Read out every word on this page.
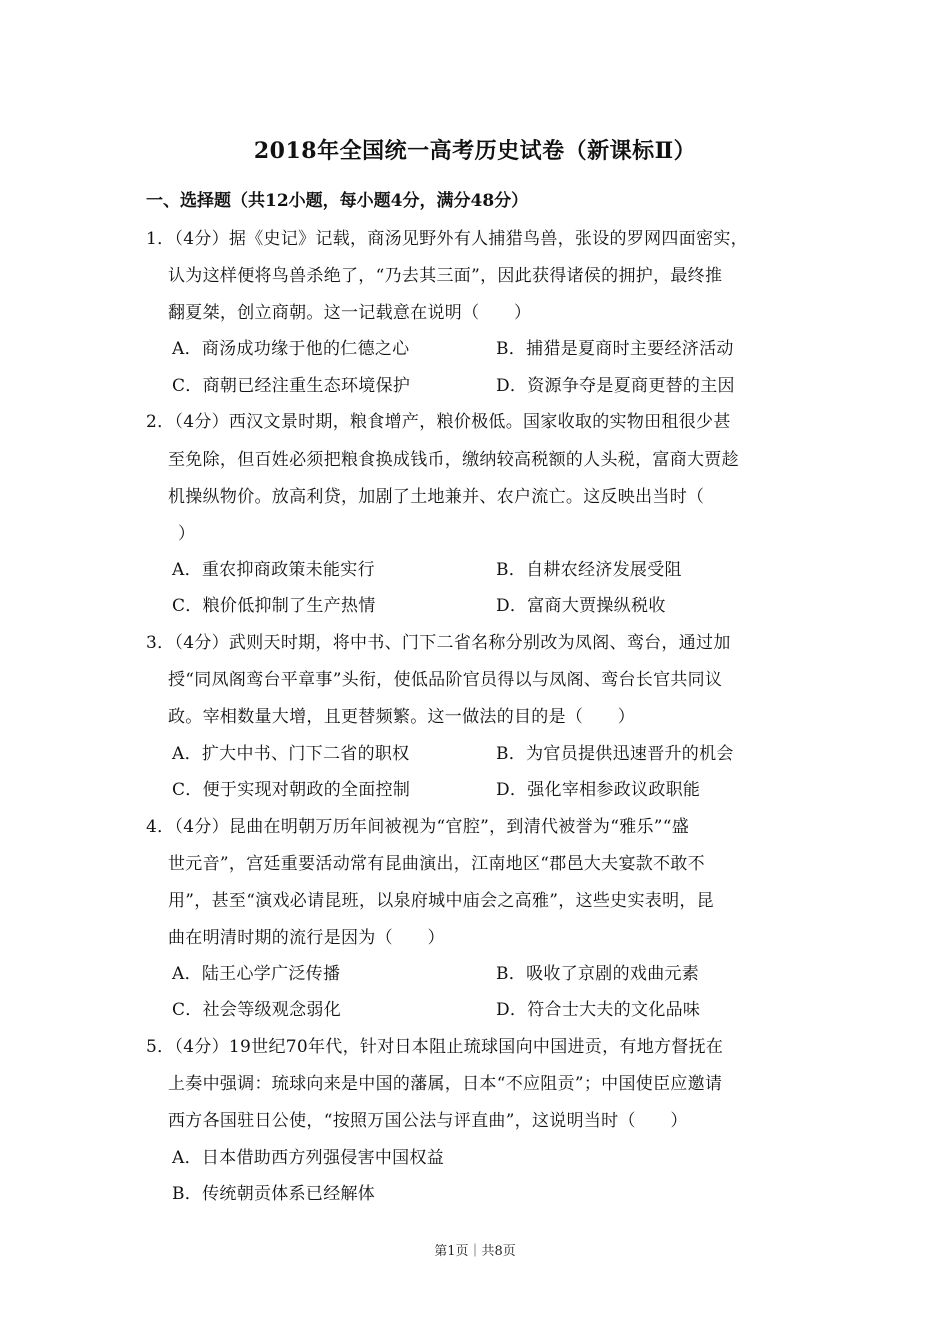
2018年全国统一高考历史试卷（新课标Ⅱ）
一、选择题（共12小题，每小题4分，满分48分）
1．（4分）据《史记》记载，商汤见野外有人捕猎鸟兽，张设的罗网四面密实，
认为这样便将鸟兽杀绝了，“乃去其三面”，因此获得诸侯的拥护，最终推
翻夏桀，创立商朝。这一记载意在说明（　　）
A．商汤成功缘于他的仁德之心	B．捕猎是夏商时主要经济活动
C．商朝已经注重生态环境保护	D．资源争夺是夏商更替的主因
2．（4分）西汉文景时期，粮食增产，粮价极低。国家收取的实物田租很少甚
至免除，但百姓必须把粮食换成钱币，缴纳较高税额的人头税，富商大贾趁
机操纵物价。放高利贷，加剧了土地兼并、农户流亡。这反映出当时（
）
A．重农抑商政策未能实行	B．自耕农经济发展受阻
C．粮价低抑制了生产热情	D．富商大贾操纵税收
3．（4分）武则天时期，将中书、门下二省名称分别改为凤阁、鸾台，通过加
授“同凤阁鸾台平章事”头衔，使低品阶官员得以与凤阁、鸾台长官共同议
政。宰相数量大增，且更替频繁。这一做法的目的是（　　）
A．扩大中书、门下二省的职权	B．为官员提供迅速晋升的机会
C．便于实现对朝政的全面控制	D．强化宰相参政议政职能
4．（4分）昆曲在明朝万历年间被视为“官腔”，到清代被誉为“雅乐”“盛
世元音”，宫廷重要活动常有昆曲演出，江南地区“郡邑大夫宴款不敢不
用”，甚至“演戏必请昆班，以泉府城中庙会之高雅”，这些史实表明，昆
曲在明清时期的流行是因为（　　）
A．陆王心学广泛传播	B．吸收了京剧的戏曲元素
C．社会等级观念弱化	D．符合士大夫的文化品味
5．（4分）19世纪70年代，针对日本阻止琉球国向中国进贡，有地方督抚在
上奏中强调：琉球向来是中国的藩属，日本“不应阻贡”；中国使臣应邀请
西方各国驻日公使，“按照万国公法与评直曲”，这说明当时（　　）
A．日本借助西方列强侵害中国权益
B．传统朝贡体系已经解体
第1页｜共8页
